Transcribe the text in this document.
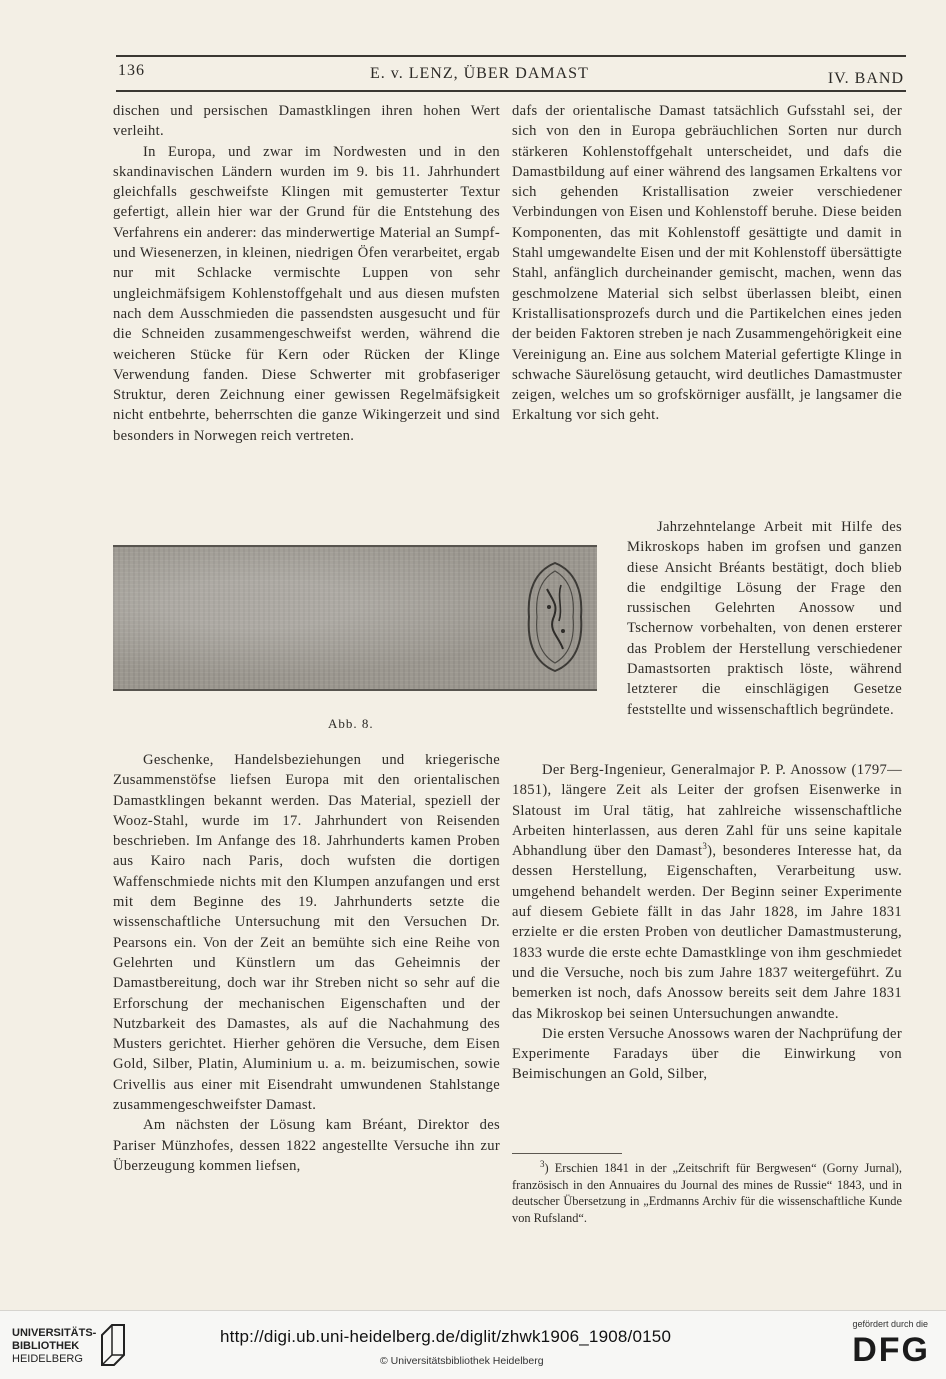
136	E. v. LENZ, ÜBER DAMAST	IV. BAND

dischen und persischen Damastklingen ihren hohen Wert verleiht.

In Europa, und zwar im Nordwesten und in den skandinavischen Ländern wurden im 9. bis 11. Jahrhundert gleichfalls geschweifste Klingen mit gemusterter Textur gefertigt, allein hier war der Grund für die Entstehung des Verfahrens ein anderer: das minderwertige Material an Sumpf- und Wiesenerzen, in kleinen, niedrigen Öfen verarbeitet, ergab nur mit Schlacke vermischte Luppen von sehr ungleichmäfsigem Kohlenstoffgehalt und aus diesen mufsten nach dem Ausschmieden die passendsten ausgesucht und für die Schneiden zusammengeschweifst werden, während die weicheren Stücke für Kern oder Rücken der Klinge Verwendung fanden. Diese Schwerter mit grobfaseriger Struktur, deren Zeichnung einer gewissen Regelmäfsigkeit nicht entbehrte, beherrschten die ganze Wikingerzeit und sind besonders in Norwegen reich vertreten.

Abb. 8.

Geschenke, Handelsbeziehungen und kriegerische Zusammenstöfse liefsen Europa mit den orientalischen Damastklingen bekannt werden. Das Material, speziell der Wooz-Stahl, wurde im 17. Jahrhundert von Reisenden beschrieben. Im Anfange des 18. Jahrhunderts kamen Proben aus Kairo nach Paris, doch wufsten die dortigen Waffenschmiede nichts mit den Klumpen anzufangen und erst mit dem Beginne des 19. Jahrhunderts setzte die wissenschaftliche Untersuchung mit den Versuchen Dr. Pearsons ein. Von der Zeit an bemühte sich eine Reihe von Gelehrten und Künstlern um das Geheimnis der Damastbereitung, doch war ihr Streben nicht so sehr auf die Erforschung der mechanischen Eigenschaften und der Nutzbarkeit des Damastes, als auf die Nachahmung des Musters gerichtet. Hierher gehören die Versuche, dem Eisen Gold, Silber, Platin, Aluminium u. a. m. beizumischen, sowie Crivellis aus einer mit Eisendraht umwundenen Stahlstange zusammengeschweifster Damast.

Am nächsten der Lösung kam Bréant, Direktor des Pariser Münzhofes, dessen 1822 angestellte Versuche ihn zur Überzeugung kommen liefsen,

dafs der orientalische Damast tatsächlich Gufsstahl sei, der sich von den in Europa gebräuchlichen Sorten nur durch stärkeren Kohlenstoffgehalt unterscheidet, und dafs die Damastbildung auf einer während des langsamen Erkaltens vor sich gehenden Kristallisation zweier verschiedener Verbindungen von Eisen und Kohlenstoff beruhe. Diese beiden Komponenten, das mit Kohlenstoff gesättigte und damit in Stahl umgewandelte Eisen und der mit Kohlenstoff übersättigte Stahl, anfänglich durcheinander gemischt, machen, wenn das geschmolzene Material sich selbst überlassen bleibt, einen Kristallisationsprozefs durch und die Partikelchen eines jeden der beiden Faktoren streben je nach Zusammengehörigkeit eine Vereinigung an. Eine aus solchem Material gefertigte Klinge in schwache Säurelösung getaucht, wird deutliches Damastmuster zeigen, welches um so grofskörniger ausfällt, je langsamer die Erkaltung vor sich geht.

Jahrzehntelange Arbeit mit Hilfe des Mikroskops haben im grofsen und ganzen diese Ansicht Bréants bestätigt, doch blieb die endgiltige Lösung der Frage den russischen Gelehrten Anossow und Tschernow vorbehalten, von denen ersterer das Problem der Herstellung verschiedener Damastsorten praktisch löste, während letzterer die einschlägigen Gesetze feststellte und wissenschaftlich begründete.

Der Berg-Ingenieur, Generalmajor P. P. Anossow (1797—1851), längere Zeit als Leiter der grofsen Eisenwerke in Slatoust im Ural tätig, hat zahlreiche wissenschaftliche Arbeiten hinterlassen, aus deren Zahl für uns seine kapitale Abhandlung über den Damast$^3$), besonderes Interesse hat, da dessen Herstellung, Eigenschaften, Verarbeitung usw. umgehend behandelt werden. Der Beginn seiner Experimente auf diesem Gebiete fällt in das Jahr 1828, im Jahre 1831 erzielte er die ersten Proben von deutlicher Damastmusterung, 1833 wurde die erste echte Damastklinge von ihm geschmiedet und die Versuche, noch bis zum Jahre 1837 weitergeführt. Zu bemerken ist noch, dafs Anossow bereits seit dem Jahre 1831 das Mikroskop bei seinen Untersuchungen anwandte.

Die ersten Versuche Anossows waren der Nachprüfung der Experimente Faradays über die Einwirkung von Beimischungen an Gold, Silber,

$^3$) Erschien 1841 in der „Zeitschrift für Bergwesen“ (Gorny Jurnal), französisch in den Annuaires du Journal des mines de Russie“ 1843, und in deutscher Übersetzung in „Erdmanns Archiv für die wissenschaftliche Kunde von Rufsland“.

UNIVERSITÄTS-
BIBLIOTHEK
HEIDELBERG
http://digi.ub.uni-heidelberg.de/diglit/zhwk1906_1908/0150
© Universitätsbibliothek Heidelberg
gefördert durch die
DFG
